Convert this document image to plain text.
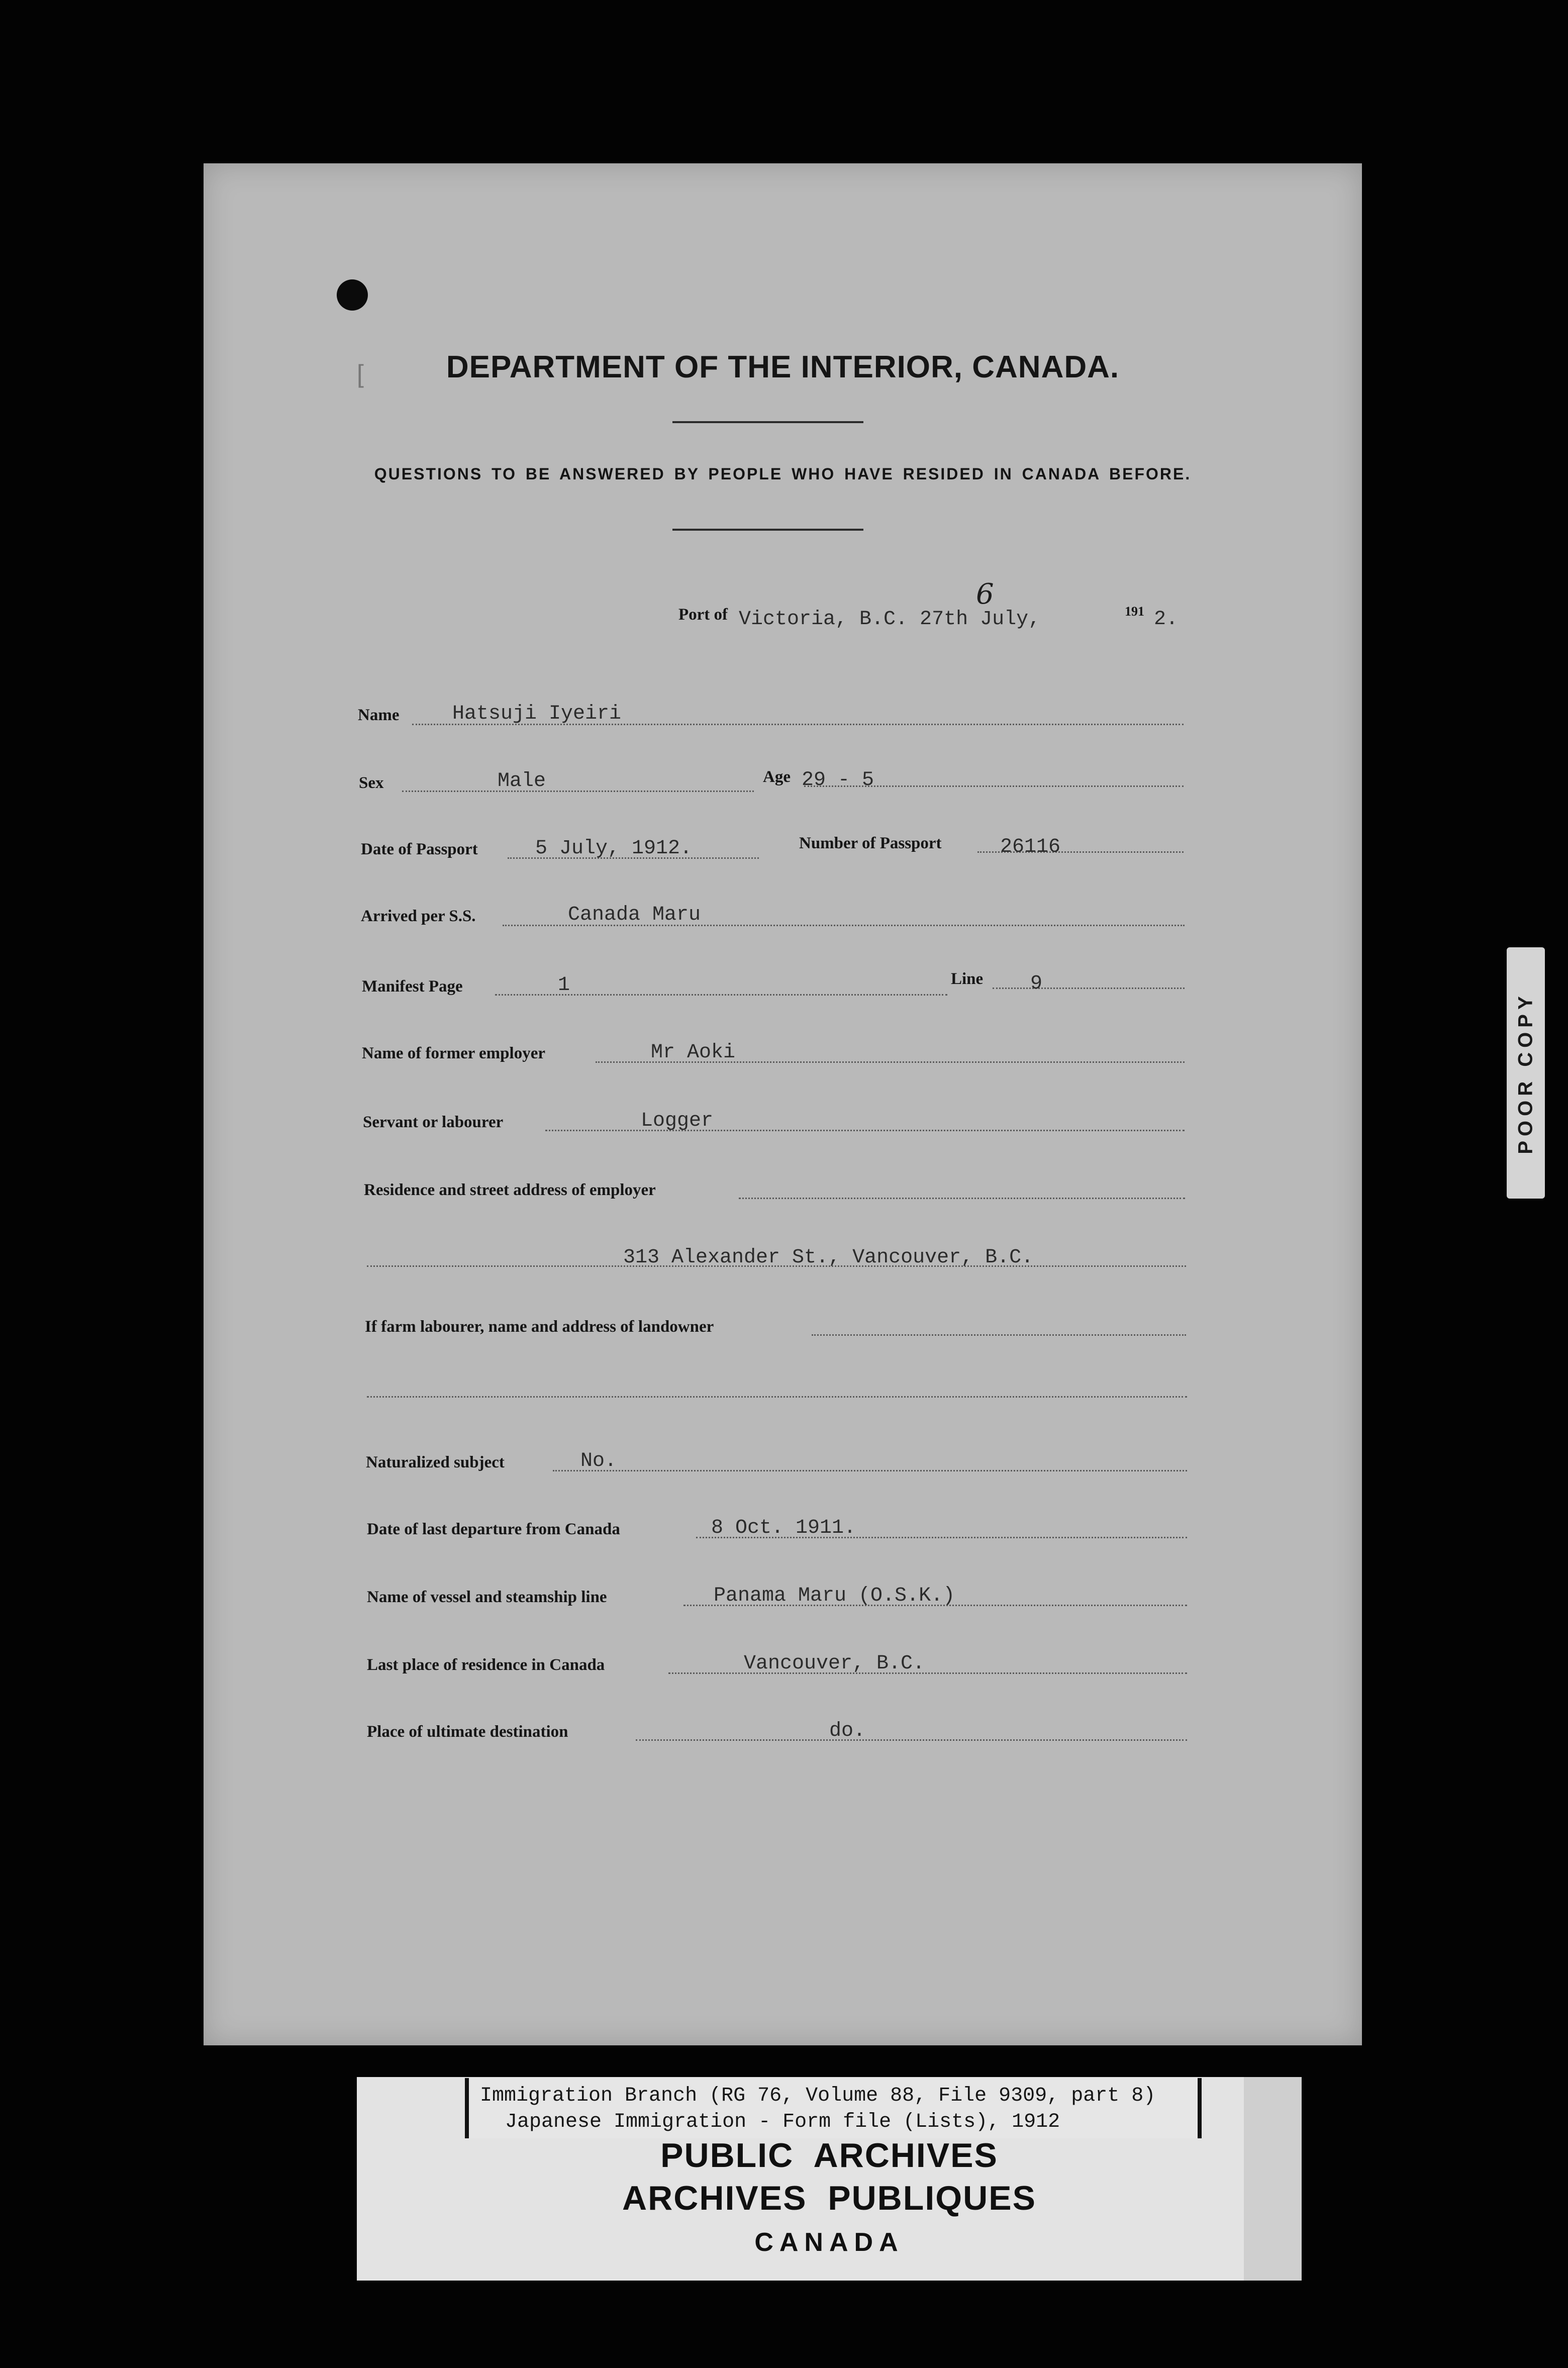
[	DEPARTMENT OF THE INTERIOR, CANADA.
QUESTIONS TO BE ANSWERED BY PEOPLE WHO HAVE RESIDED IN CANADA BEFORE.
Port of Victoria, B.C. 27th July,	191 2.
6
Name	Hatsuji Iyeiri
Sex	Male	Age 29 - 5
Date of Passport	5 July, 1912.	Number of Passport	26116
Arrived per S.S.	Canada Maru
Manifest Page	1	Line 9
Name of former employer	Mr Aoki
Servant or labourer	Logger
Residence and street address of employer
313 Alexander St., Vancouver, B.C.
If farm labourer, name and address of landowner
Naturalized subject	No.
Date of last departure from Canada	8 Oct. 1911.
Name of vessel and steamship line	Panama Maru (O.S.K.)
Last place of residence in Canada	Vancouver, B.C.
Place of ultimate destination	do.
POOR COPY
Immigration Branch (RG 76, Volume 88, File 9309, part 8)
Japanese Immigration - Form file (Lists), 1912
PUBLIC  ARCHIVES
ARCHIVES  PUBLIQUES
CANADA
